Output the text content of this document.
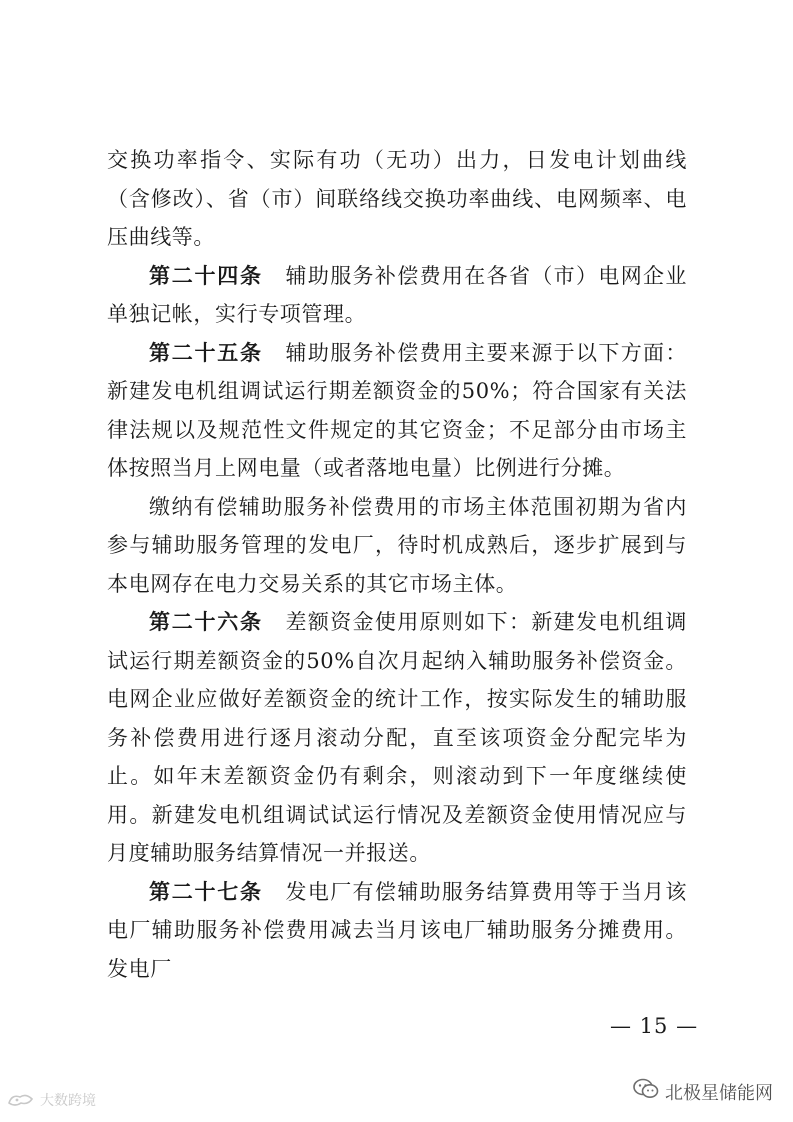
交换功率指令、实际有功（无功）出力，日发电计划曲线（含修改）、省（市）间联络线交换功率曲线、电网频率、电压曲线等。

第二十四条 辅助服务补偿费用在各省（市）电网企业单独记帐，实行专项管理。

第二十五条 辅助服务补偿费用主要来源于以下方面：新建发电机组调试运行期差额资金的50%；符合国家有关法律法规以及规范性文件规定的其它资金；不足部分由市场主体按照当月上网电量（或者落地电量）比例进行分摊。

缴纳有偿辅助服务补偿费用的市场主体范围初期为省内参与辅助服务管理的发电厂，待时机成熟后，逐步扩展到与本电网存在电力交易关系的其它市场主体。

第二十六条 差额资金使用原则如下：新建发电机组调试运行期差额资金的50%自次月起纳入辅助服务补偿资金。电网企业应做好差额资金的统计工作，按实际发生的辅助服务补偿费用进行逐月滚动分配，直至该项资金分配完毕为止。如年末差额资金仍有剩余，则滚动到下一年度继续使用。新建发电机组调试试运行情况及差额资金使用情况应与月度辅助服务结算情况一并报送。

第二十七条 发电厂有偿辅助服务结算费用等于当月该电厂辅助服务补偿费用减去当月该电厂辅助服务分摊费用。发电厂

— 15 —
北极星储能网
大数跨境
